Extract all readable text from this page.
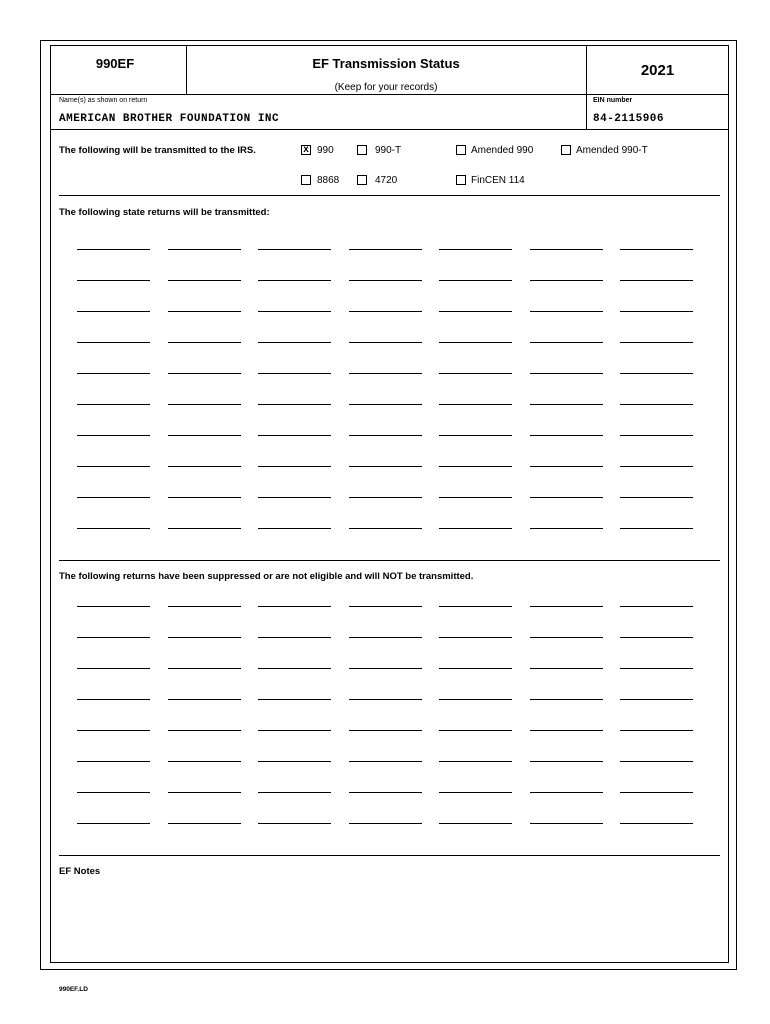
990EF	EF Transmission Status
(Keep for your records)
2021
Name(s) as shown on return
AMERICAN BROTHER FOUNDATION INC
EIN number
84-2115906
The following will be transmitted to the IRS.	x 990	990-T	Amended 990	Amended 990-T
8868	4720	FinCEN 114
The following state returns will be transmitted:
The following returns have been suppressed or are not eligible and will NOT be transmitted.
EF Notes
990EF.LD
